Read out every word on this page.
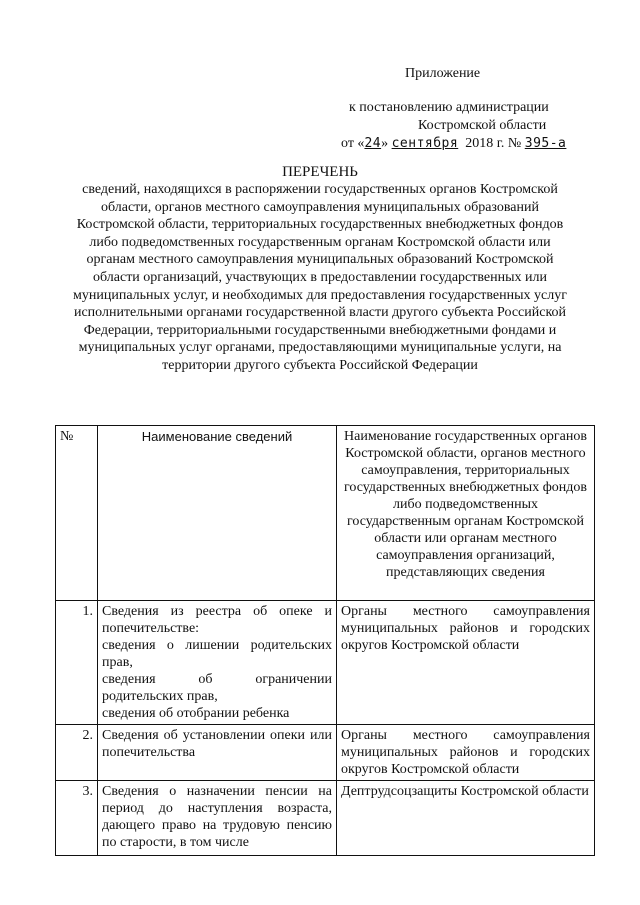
Приложение
к постановлению администрации
Костромской области
от «24» сентября 2018 г. № 395-а
ПЕРЕЧЕНЬ
сведений, находящихся в распоряжении государственных органов Костромской области, органов местного самоуправления муниципальных образований Костромской области, территориальных государственных внебюджетных фондов либо подведомственных государственным органам Костромской области или органам местного самоуправления муниципальных образований Костромской области организаций, участвующих в предоставлении государственных или муниципальных услуг, и необходимых для предоставления государственных услуг исполнительными органами государственной власти другого субъекта Российской Федерации, территориальными государственными внебюджетными фондами и муниципальных услуг органами, предоставляющими муниципальные услуги, на территории другого субъекта Российской Федерации
№	Наименование сведений	Наименование государственных органов Костромской области, органов местного самоуправления, территориальных государственных внебюджетных фондов либо подведомственных государственным органам Костромской области или органам местного самоуправления организаций, представляющих сведения
1.	Сведения из реестра об опеке и попечительстве:
сведения о лишении родительских прав,
сведения об ограничении родительских прав,
сведения об отобрании ребенка	Органы местного самоуправления муниципальных районов и городских округов Костромской области
2.	Сведения об установлении опеки или попечительства	Органы местного самоуправления муниципальных районов и городских округов Костромской области
3.	Сведения о назначении пенсии на период до наступления возраста, дающего право на трудовую пенсию по старости, в том числе	Дептрудсоцзащиты Костромской области
